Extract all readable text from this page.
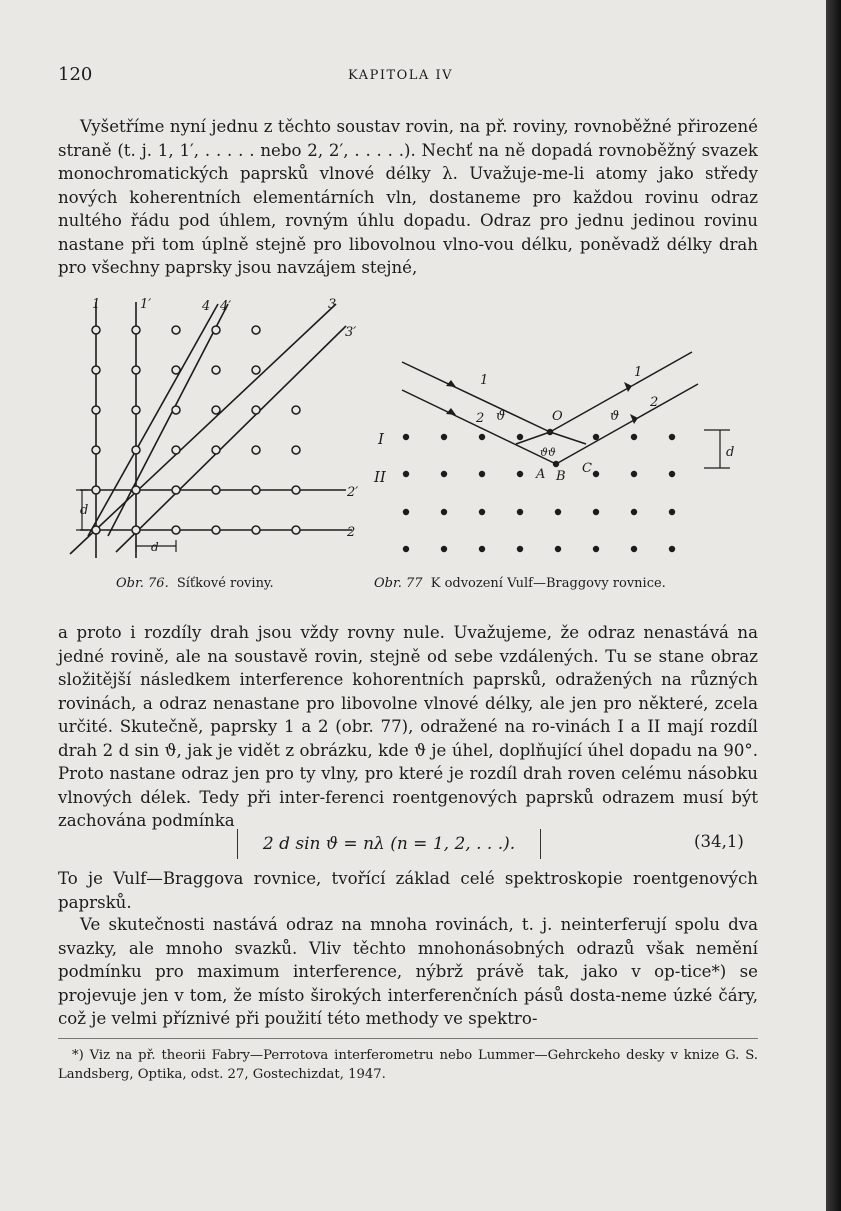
120	KAPITOLA IV

Vyšetříme nyní jednu z těchto soustav rovin, na př. roviny, rovnoběžné přirozené straně (t. j. 1, 1′, . . . . . nebo 2, 2′, . . . . .). Nechť na ně dopadá rovnoběžný svazek monochromatických paprsků vlnové délky λ. Uvažuje-me-li atomy jako středy nových koherentních elementárních vln, dostaneme pro každou rovinu odraz nultého řádu pod úhlem, rovným úhlu dopadu. Odraz pro jednu jedinou rovinu nastane při tom úplně stejně pro libovolnou vlno-vou délku, poněvadž délky drah pro všechny paprsky jsou navzájem stejné,

1	1′	4 4′	3
3′
2′
2
d
d
1
2
1
2
ϑ	ϑ
O
A B
C
ϑϑ
I
II
d
Obr. 76. Síťkové roviny.	Obr. 77 K odvození Vulf—Braggovy rovnice.

a proto i rozdíly drah jsou vždy rovny nule. Uvažujeme, že odraz nenastává na jedné rovině, ale na soustavě rovin, stejně od sebe vzdálených. Tu se stane obraz složitější následkem interference kohorentních paprsků, odražených na různých rovinách, a odraz nenastane pro libovolne vlnové délky, ale jen pro některé, zcela určité. Skutečně, paprsky 1 a 2 (obr. 77), odražené na ro-vinách I a II mají rozdíl drah 2 d sin ϑ, jak je vidět z obrázku, kde ϑ je úhel, doplňující úhel dopadu na 90°. Proto nastane odraz jen pro ty vlny, pro které je rozdíl drah roven celému násobku vlnových délek. Tedy při inter-ferenci roentgenových paprsků odrazem musí být zachována podmínka

2 d sin ϑ = nλ (n = 1, 2, . . .).	(34,1)

To je Vulf—Braggova rovnice, tvořící základ celé spektroskopie roentgenových paprsků.

Ve skutečnosti nastává odraz na mnoha rovinách, t. j. neinterferují spolu dva svazky, ale mnoho svazků. Vliv těchto mnohonásobných odrazů však nemění podmínku pro maximum interference, nýbrž právě tak, jako v op-tice*) se projevuje jen v tom, že místo širokých interferenčních pásů dosta-neme úzké čáry, což je velmi příznivé při použití této methody ve spektro-

*) Viz na př. theorii Fabry—Perrotova interferometru nebo Lummer—Gehrckeho desky v knize G. S. Landsberg, Optika, odst. 27, Gostechizdat, 1947.
